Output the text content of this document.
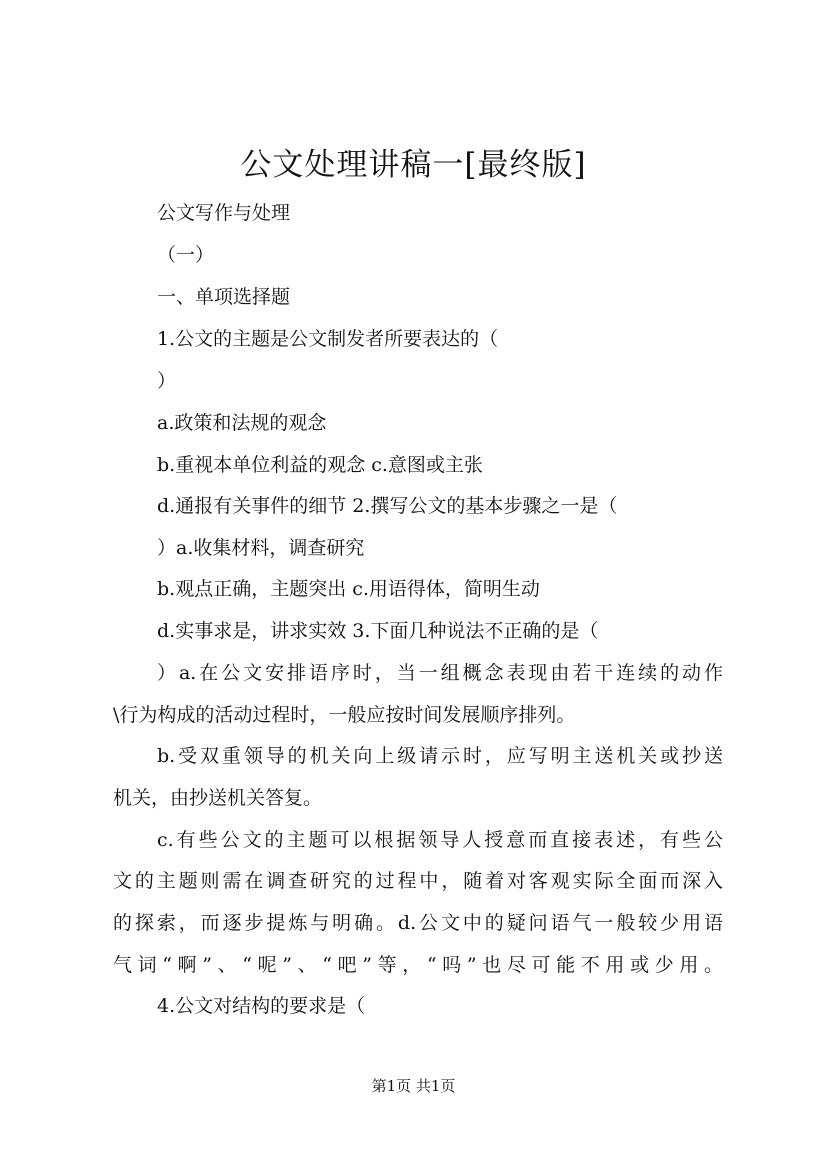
公文处理讲稿一[最终版]
公文写作与处理
（一）
一、单项选择题
1.公文的主题是公文制发者所要表达的（
）
a.政策和法规的观念
b.重视本单位利益的观念 c.意图或主张
d.通报有关事件的细节 2.撰写公文的基本步骤之一是（
）a.收集材料，调查研究
b.观点正确，主题突出 c.用语得体，简明生动
d.实事求是，讲求实效 3.下面几种说法不正确的是（
）a.在公文安排语序时，当一组概念表现由若干连续的动作
\行为构成的活动过程时，一般应按时间发展顺序排列。
b.受双重领导的机关向上级请示时，应写明主送机关或抄送
机关，由抄送机关答复。
c.有些公文的主题可以根据领导人授意而直接表述，有些公
文的主题则需在调查研究的过程中，随着对客观实际全面而深入
的探索，而逐步提炼与明确。d.公文中的疑问语气一般较少用语
气词“啊”、“呢”、“吧”等，“吗”也尽可能不用或少用。
4.公文对结构的要求是（
第1页 共1页
